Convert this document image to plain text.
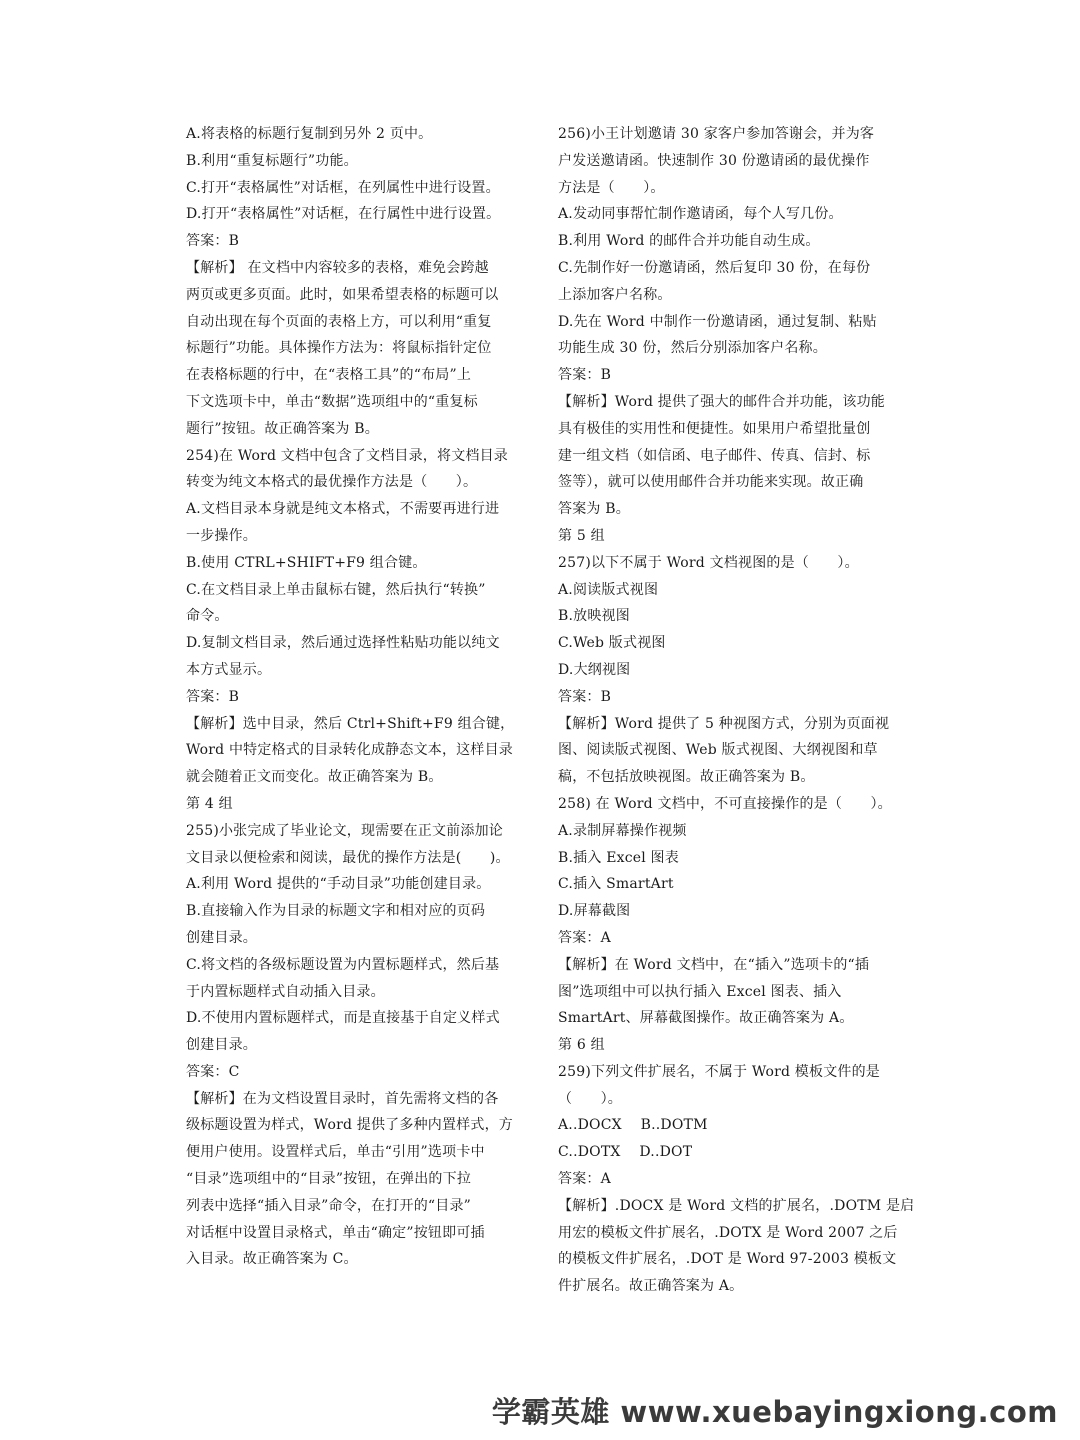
A.将表格的标题行复制到另外 2 页中。
B.利用“重复标题行”功能。
C.打开“表格属性”对话框，在列属性中进行设置。
D.打开“表格属性”对话框，在行属性中进行设置。
答案：B
【解析】 在文档中内容较多的表格，难免会跨越
两页或更多页面。此时，如果希望表格的标题可以
自动出现在每个页面的表格上方，可以利用“重复
标题行”功能。具体操作方法为：将鼠标指针定位
在表格标题的行中，在“表格工具”的“布局”上
下文选项卡中，单击“数据”选项组中的“重复标
题行”按钮。故正确答案为 B。
254)在 Word 文档中包含了文档目录，将文档目录
转变为纯文本格式的最优操作方法是（　　）。
A.文档目录本身就是纯文本格式，不需要再进行进
一步操作。
B.使用 CTRL+SHIFT+F9 组合键。
C.在文档目录上单击鼠标右键，然后执行“转换”
命令。
D.复制文档目录，然后通过选择性粘贴功能以纯文
本方式显示。
答案：B
【解析】选中目录，然后 Ctrl+Shift+F9 组合键，
Word 中特定格式的目录转化成静态文本，这样目录
就会随着正文而变化。故正确答案为 B。
第 4 组
255)小张完成了毕业论文，现需要在正文前添加论
文目录以便检索和阅读，最优的操作方法是(　　)。
A.利用 Word 提供的“手动目录”功能创建目录。
B.直接输入作为目录的标题文字和相对应的页码
创建目录。
C.将文档的各级标题设置为内置标题样式，然后基
于内置标题样式自动插入目录。
D.不使用内置标题样式，而是直接基于自定义样式
创建目录。
答案：C
【解析】在为文档设置目录时，首先需将文档的各
级标题设置为样式，Word 提供了多种内置样式，方
便用户使用。设置样式后，单击“引用”选项卡中
“目录”选项组中的“目录”按钮，在弹出的下拉
列表中选择“插入目录”命令，在打开的“目录”
对话框中设置目录格式，单击“确定”按钮即可插
入目录。故正确答案为 C。
256)小王计划邀请 30 家客户参加答谢会，并为客
户发送邀请函。快速制作 30 份邀请函的最优操作
方法是（　　）。
A.发动同事帮忙制作邀请函，每个人写几份。
B.利用 Word 的邮件合并功能自动生成。
C.先制作好一份邀请函，然后复印 30 份，在每份
上添加客户名称。
D.先在 Word 中制作一份邀请函，通过复制、粘贴
功能生成 30 份，然后分别添加客户名称。
答案：B
【解析】Word 提供了强大的邮件合并功能，该功能
具有极佳的实用性和便捷性。如果用户希望批量创
建一组文档（如信函、电子邮件、传真、信封、标
签等），就可以使用邮件合并功能来实现。故正确
答案为 B。
第 5 组
257)以下不属于 Word 文档视图的是（　　）。
A.阅读版式视图
B.放映视图
C.Web 版式视图
D.大纲视图
答案：B
【解析】Word 提供了 5 种视图方式，分别为页面视
图、阅读版式视图、Web 版式视图、大纲视图和草
稿，不包括放映视图。故正确答案为 B。
258) 在 Word 文档中，不可直接操作的是（　　）。
A.录制屏幕操作视频
B.插入 Excel 图表
C.插入 SmartArt
D.屏幕截图
答案：A
【解析】在 Word 文档中，在“插入”选项卡的“插
图”选项组中可以执行插入 Excel 图表、插入
SmartArt、屏幕截图操作。故正确答案为 A。
第 6 组
259)下列文件扩展名，不属于 Word 模板文件的是
（　　）。
A..DOCX　 B..DOTM
C..DOTX　 D..DOT
答案：A
【解析】.DOCX 是 Word 文档的扩展名，.DOTM 是启
用宏的模板文件扩展名，.DOTX 是 Word 2007 之后
的模板文件扩展名，.DOT 是 Word 97-2003 模板文
件扩展名。故正确答案为 A。
学霸英雄 www.xuebayingxiong.com
